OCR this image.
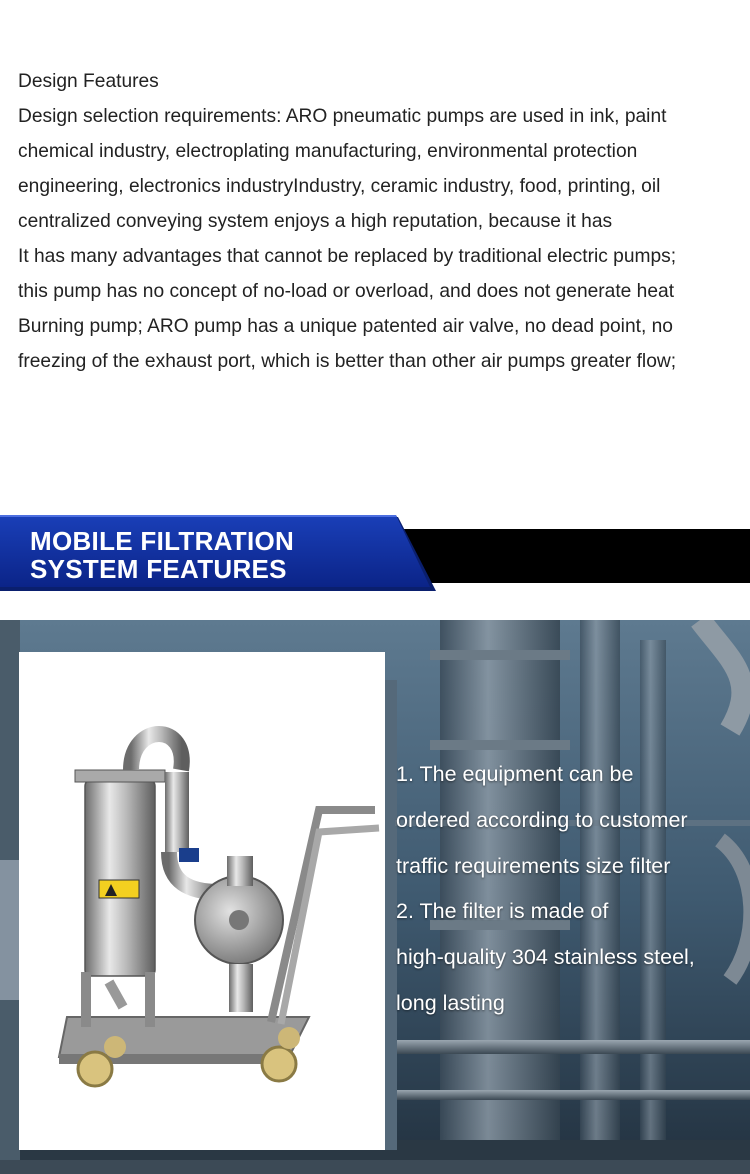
Design Features

Design selection requirements: ARO pneumatic pumps are used in ink, paint

chemical industry, electroplating manufacturing, environmental protection

engineering, electronics industryIndustry, ceramic industry, food, printing, oil

centralized conveying system enjoys a high reputation, because it has

It has many advantages that cannot be replaced by traditional electric pumps;

this pump has no concept of no-load or overload, and does not generate heat

Burning pump; ARO pump has a unique patented air valve, no dead point, no

freezing of the exhaust port, which is better than other air pumps greater flow;

MOBILE FILTRATION
SYSTEM FEATURES
1. The equipment can be
ordered according to customer
traffic requirements size filter
2. The filter is made of
high-quality 304 stainless steel,
long lasting
